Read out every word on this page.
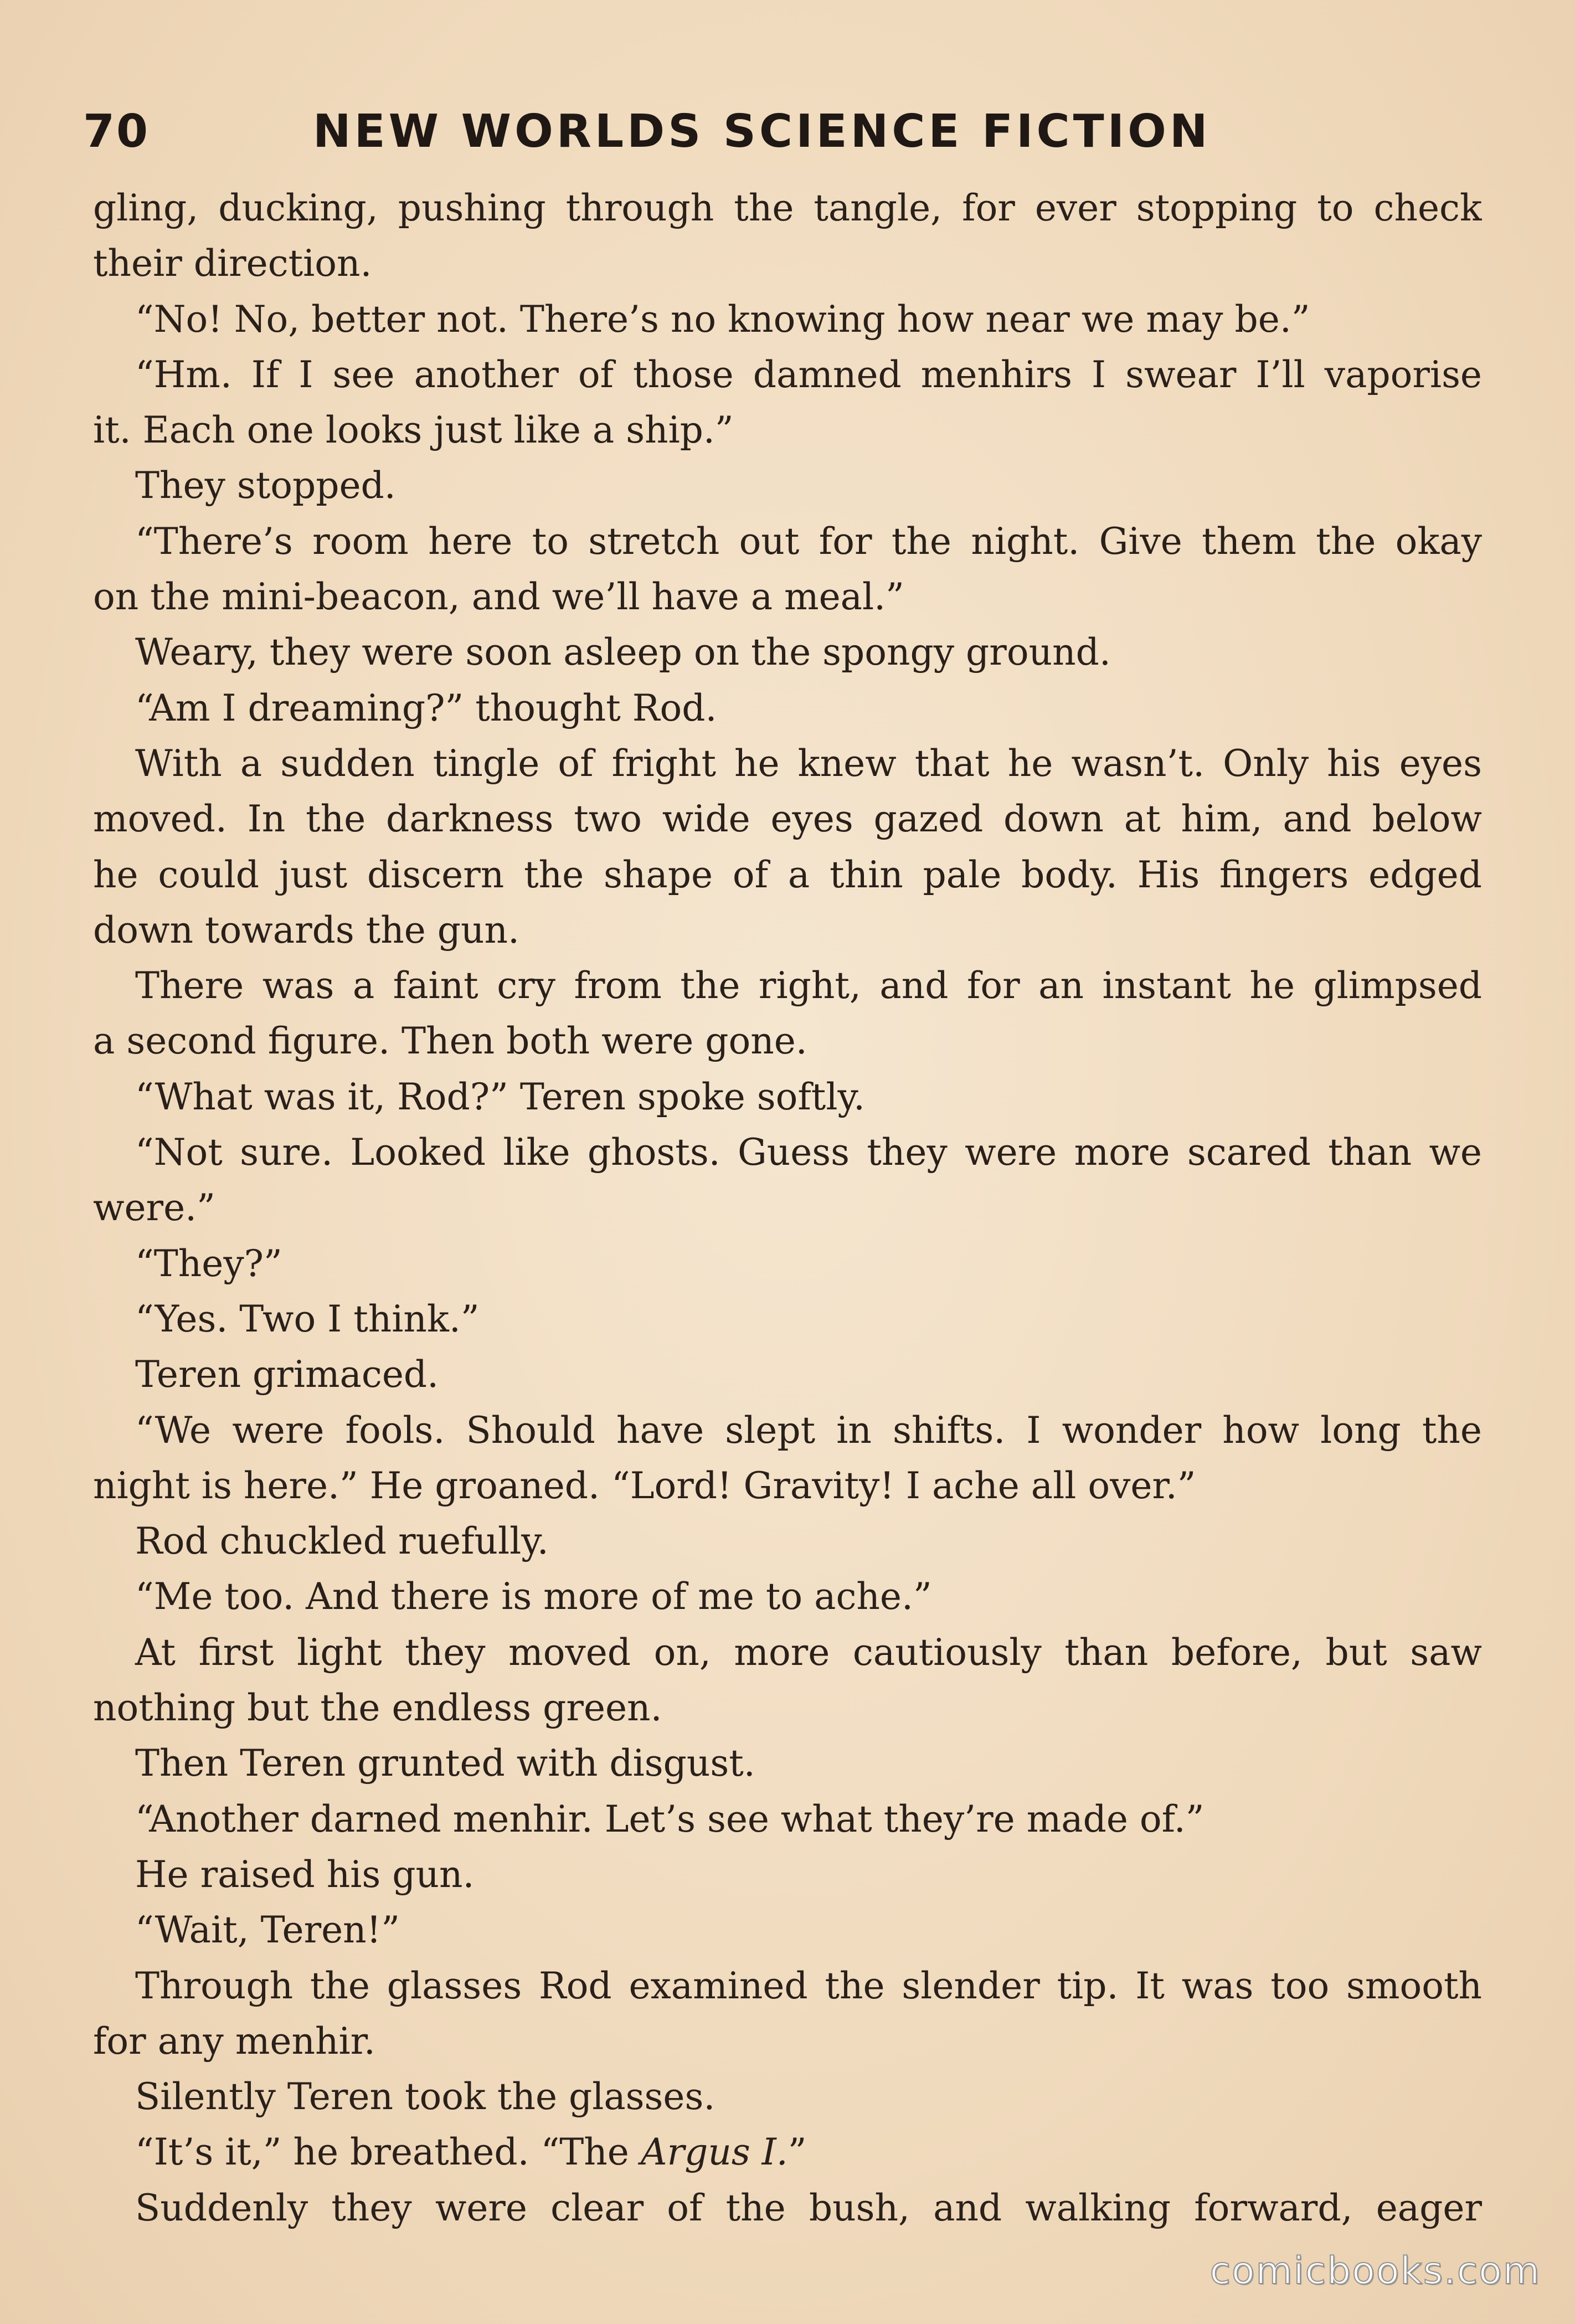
70	NEW WORLDS SCIENCE FICTION
gling, ducking, pushing through the tangle, for ever stopping to check
their direction.
“No! No, better not. There’s no knowing how near we may be.”
“Hm. If I see another of those damned menhirs I swear I’ll vaporise
it. Each one looks just like a ship.”
They stopped.
“There’s room here to stretch out for the night. Give them the okay
on the mini-beacon, and we’ll have a meal.”
Weary, they were soon asleep on the spongy ground.
“Am I dreaming?” thought Rod.
With a sudden tingle of fright he knew that he wasn’t. Only his eyes
moved. In the darkness two wide eyes gazed down at him, and below
he could just discern the shape of a thin pale body. His fingers edged
down towards the gun.
There was a faint cry from the right, and for an instant he glimpsed
a second figure. Then both were gone.
“What was it, Rod?” Teren spoke softly.
“Not sure. Looked like ghosts. Guess they were more scared than we
were.”
“They?”
“Yes. Two I think.”
Teren grimaced.
“We were fools. Should have slept in shifts. I wonder how long the
night is here.” He groaned. “Lord! Gravity! I ache all over.”
Rod chuckled ruefully.
“Me too. And there is more of me to ache.”
At first light they moved on, more cautiously than before, but saw
nothing but the endless green.
Then Teren grunted with disgust.
“Another darned menhir. Let’s see what they’re made of.”
He raised his gun.
“Wait, Teren!”
Through the glasses Rod examined the slender tip. It was too smooth
for any menhir.
Silently Teren took the glasses.
“It’s it,” he breathed. “The Argus I.”
Suddenly they were clear of the bush, and walking forward, eager
comicbooks.com
